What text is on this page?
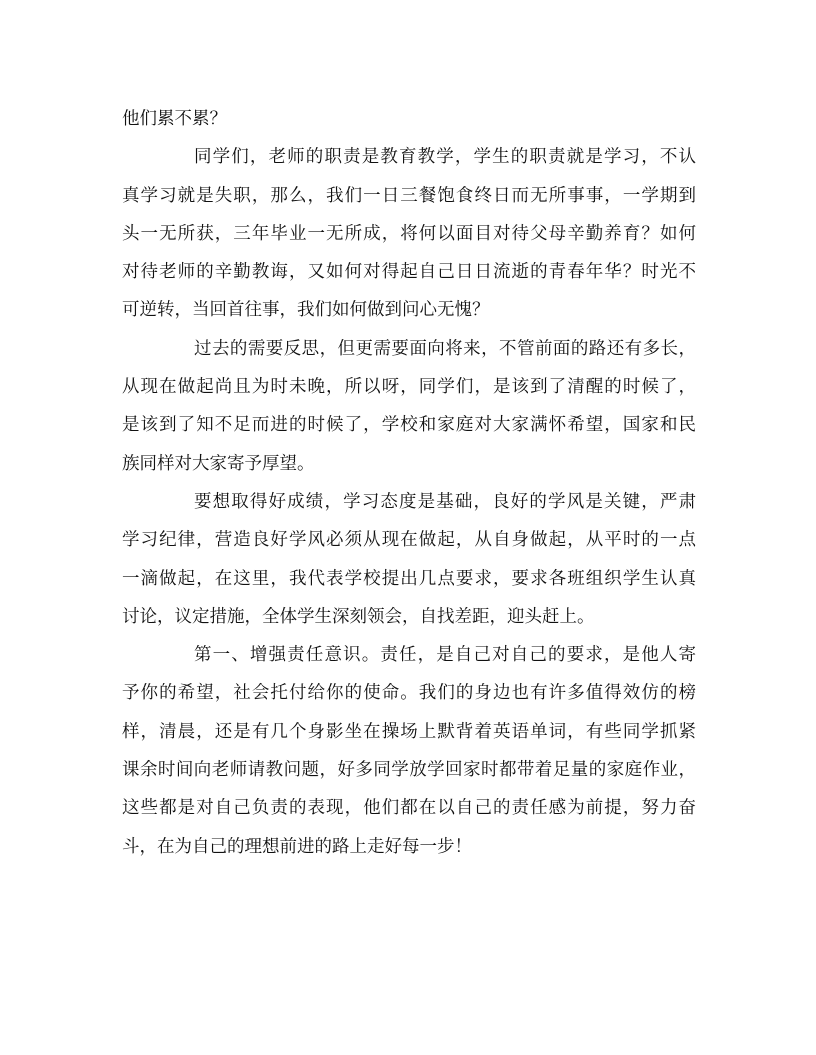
他们累不累？
同学们，老师的职责是教育教学，学生的职责就是学习，不认
真学习就是失职，那么，我们一日三餐饱食终日而无所事事，一学期到
头一无所获，三年毕业一无所成，将何以面目对待父母辛勤养育？如何
对待老师的辛勤教诲，又如何对得起自己日日流逝的青春年华？时光不
可逆转，当回首往事，我们如何做到问心无愧？
过去的需要反思，但更需要面向将来，不管前面的路还有多长，
从现在做起尚且为时未晚，所以呀，同学们，是该到了清醒的时候了，
是该到了知不足而进的时候了，学校和家庭对大家满怀希望，国家和民
族同样对大家寄予厚望。
要想取得好成绩，学习态度是基础，良好的学风是关键，严肃
学习纪律，营造良好学风必须从现在做起，从自身做起，从平时的一点
一滴做起，在这里，我代表学校提出几点要求，要求各班组织学生认真
讨论，议定措施，全体学生深刻领会，自找差距，迎头赶上。
第一、增强责任意识。责任，是自己对自己的要求，是他人寄
予你的希望，社会托付给你的使命。我们的身边也有许多值得效仿的榜
样，清晨，还是有几个身影坐在操场上默背着英语单词，有些同学抓紧
课余时间向老师请教问题，好多同学放学回家时都带着足量的家庭作业，
这些都是对自己负责的表现，他们都在以自己的责任感为前提，努力奋
斗，在为自己的理想前进的路上走好每一步！
